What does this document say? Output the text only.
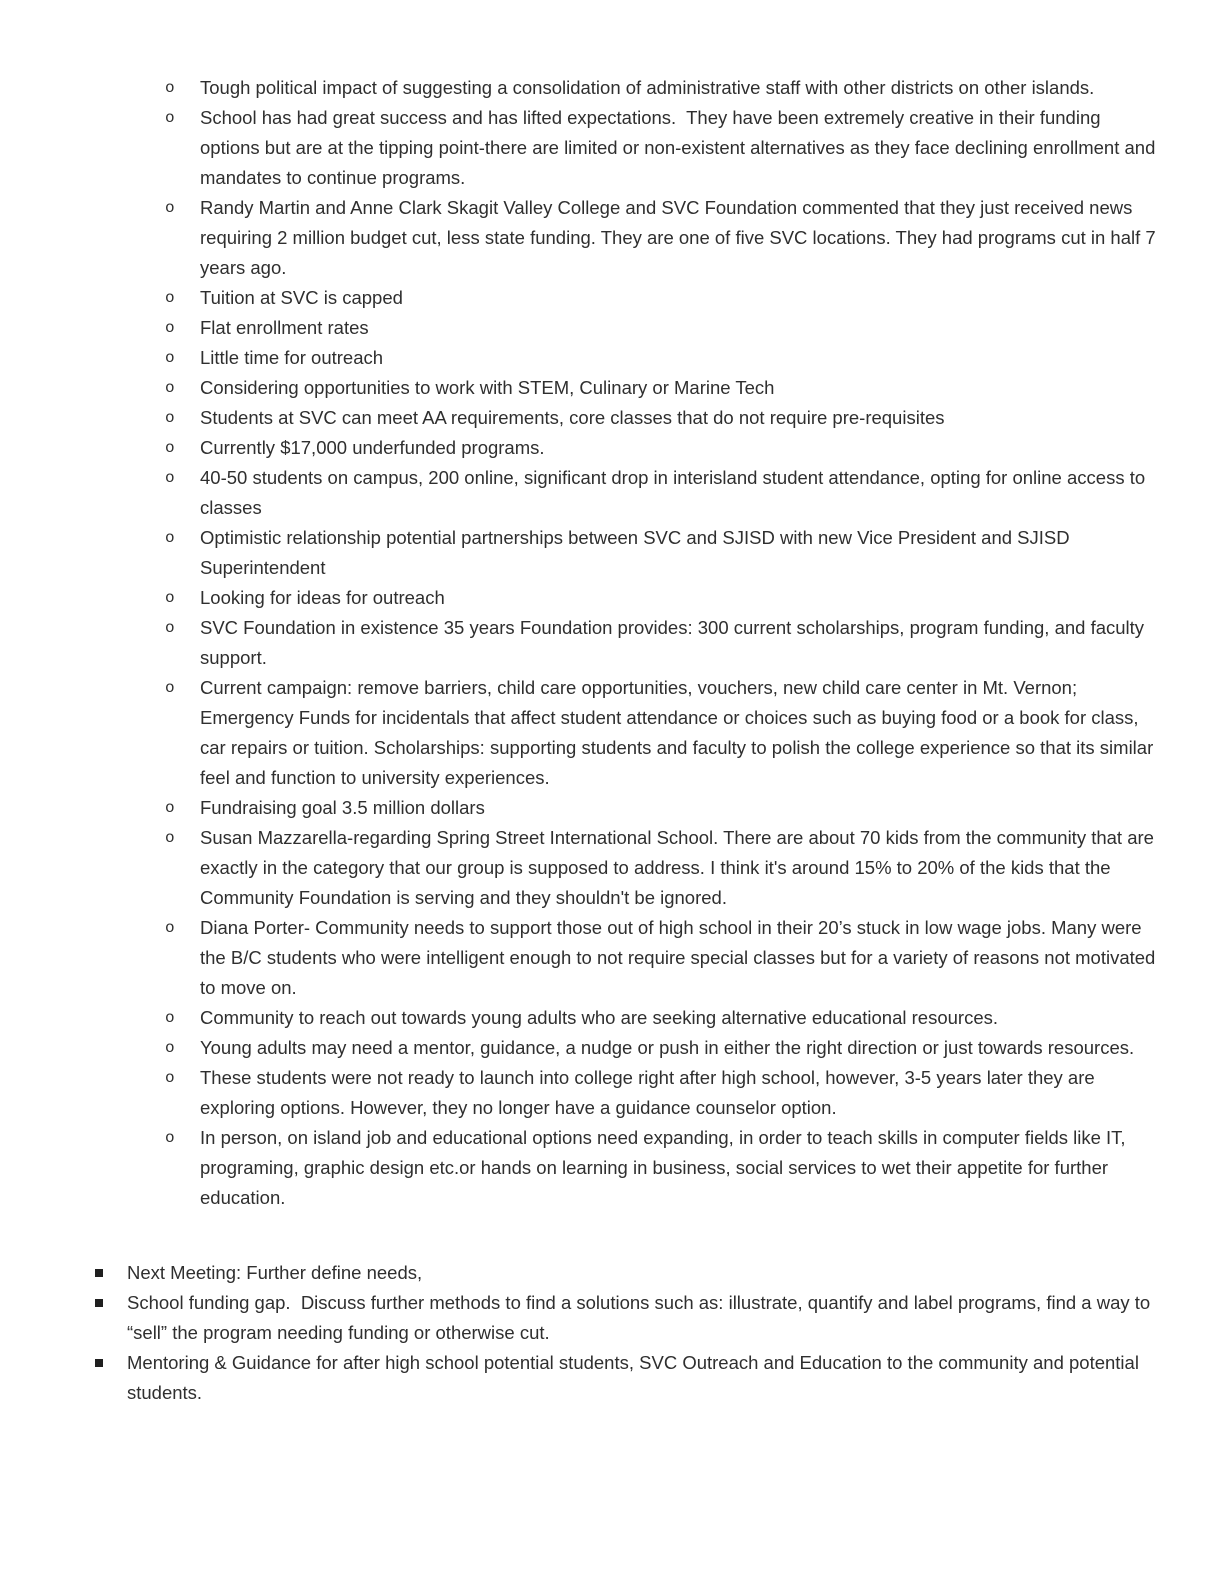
o	Tough political impact of suggesting a consolidation of administrative staff with other districts on other islands.
o	School has had great success and has lifted expectations.  They have been extremely creative in their funding options but are at the tipping point-there are limited or non-existent alternatives as they face declining enrollment and mandates to continue programs.
o	Randy Martin and Anne Clark Skagit Valley College and SVC Foundation commented that they just received news requiring 2 million budget cut, less state funding. They are one of five SVC locations. They had programs cut in half 7 years ago.
o	Tuition at SVC is capped
o	Flat enrollment rates
o	Little time for outreach
o	Considering opportunities to work with STEM, Culinary or Marine Tech
o	Students at SVC can meet AA requirements, core classes that do not require pre-requisites
o	Currently $17,000 underfunded programs.
o	40-50 students on campus, 200 online, significant drop in interisland student attendance, opting for online access to classes
o	Optimistic relationship potential partnerships between SVC and SJISD with new Vice President and SJISD Superintendent
o	Looking for ideas for outreach
o	SVC Foundation in existence 35 years Foundation provides: 300 current scholarships, program funding, and faculty support.
o	Current campaign: remove barriers, child care opportunities, vouchers, new child care center in Mt. Vernon; Emergency Funds for incidentals that affect student attendance or choices such as buying food or a book for class, car repairs or tuition. Scholarships: supporting students and faculty to polish the college experience so that its similar feel and function to university experiences.
o	Fundraising goal 3.5 million dollars
o	Susan Mazzarella-regarding Spring Street International School. There are about 70 kids from the community that are exactly in the category that our group is supposed to address. I think it's around 15% to 20% of the kids that the Community Foundation is serving and they shouldn't be ignored.
o	Diana Porter- Community needs to support those out of high school in their 20’s stuck in low wage jobs. Many were the B/C students who were intelligent enough to not require special classes but for a variety of reasons not motivated to move on.
o	Community to reach out towards young adults who are seeking alternative educational resources.
o	Young adults may need a mentor, guidance, a nudge or push in either the right direction or just towards resources.
o	These students were not ready to launch into college right after high school, however, 3-5 years later they are exploring options. However, they no longer have a guidance counselor option.
o	In person, on island job and educational options need expanding, in order to teach skills in computer fields like IT, programing, graphic design etc.or hands on learning in business, social services to wet their appetite for further education.
Next Meeting: Further define needs,
School funding gap.  Discuss further methods to find a solutions such as: illustrate, quantify and label programs, find a way to “sell” the program needing funding or otherwise cut.
Mentoring & Guidance for after high school potential students, SVC Outreach and Education to the community and potential students.
